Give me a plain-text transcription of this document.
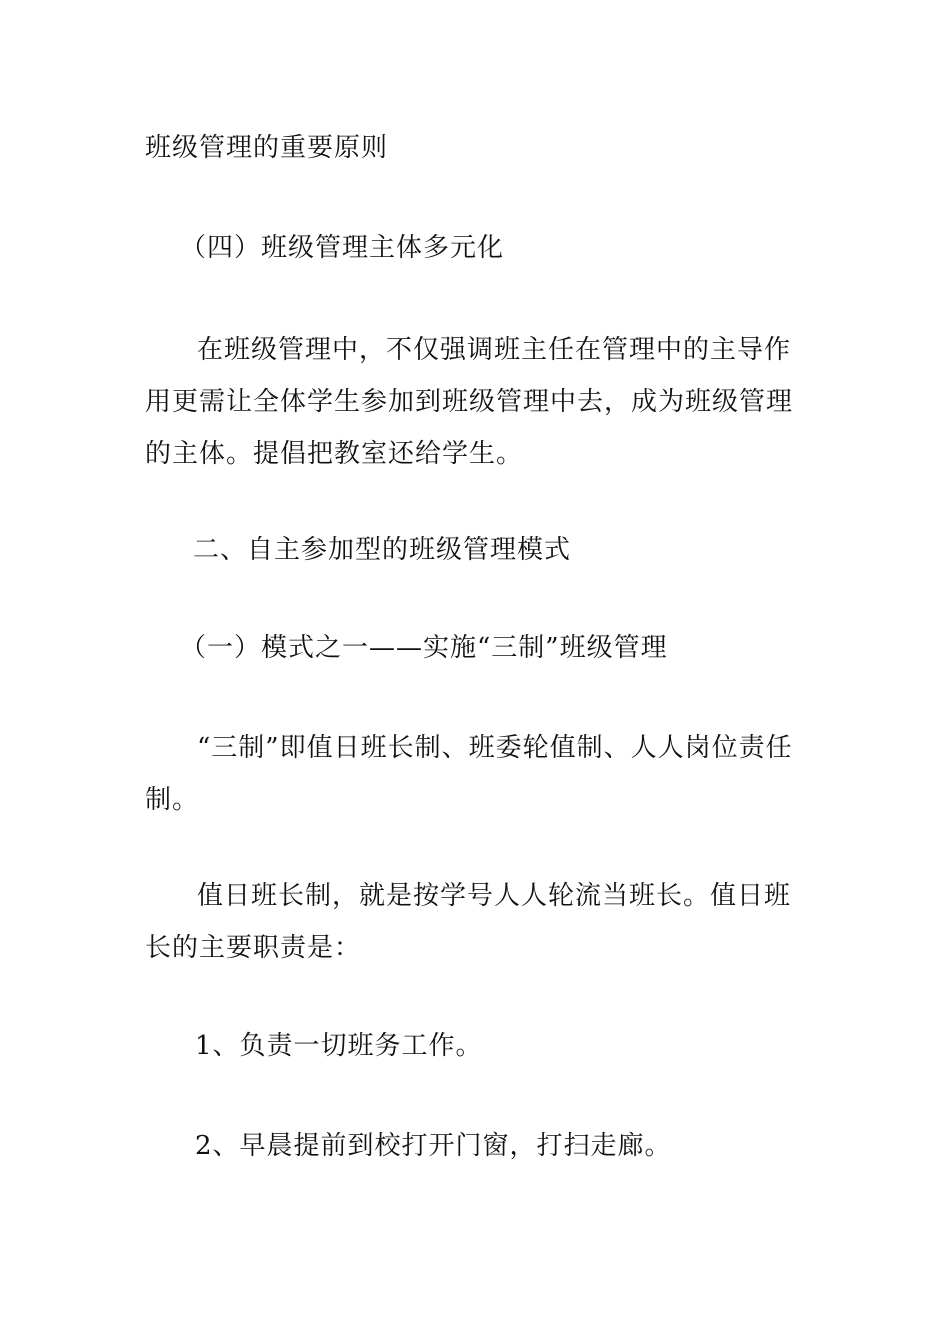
班级管理的重要原则
（四）班级管理主体多元化

在班级管理中，不仅强调班主任在管理中的主导作用更需让全体学生参加到班级管理中去，成为班级管理的主体。提倡把教室还给学生。

二、自主参加型的班级管理模式
（一）模式之一——实施“三制”班级管理

“三制”即值日班长制、班委轮值制、人人岗位责任制。

值日班长制，就是按学号人人轮流当班长。值日班长的主要职责是：

1、负责一切班务工作。
2、早晨提前到校打开门窗，打扫走廊。
